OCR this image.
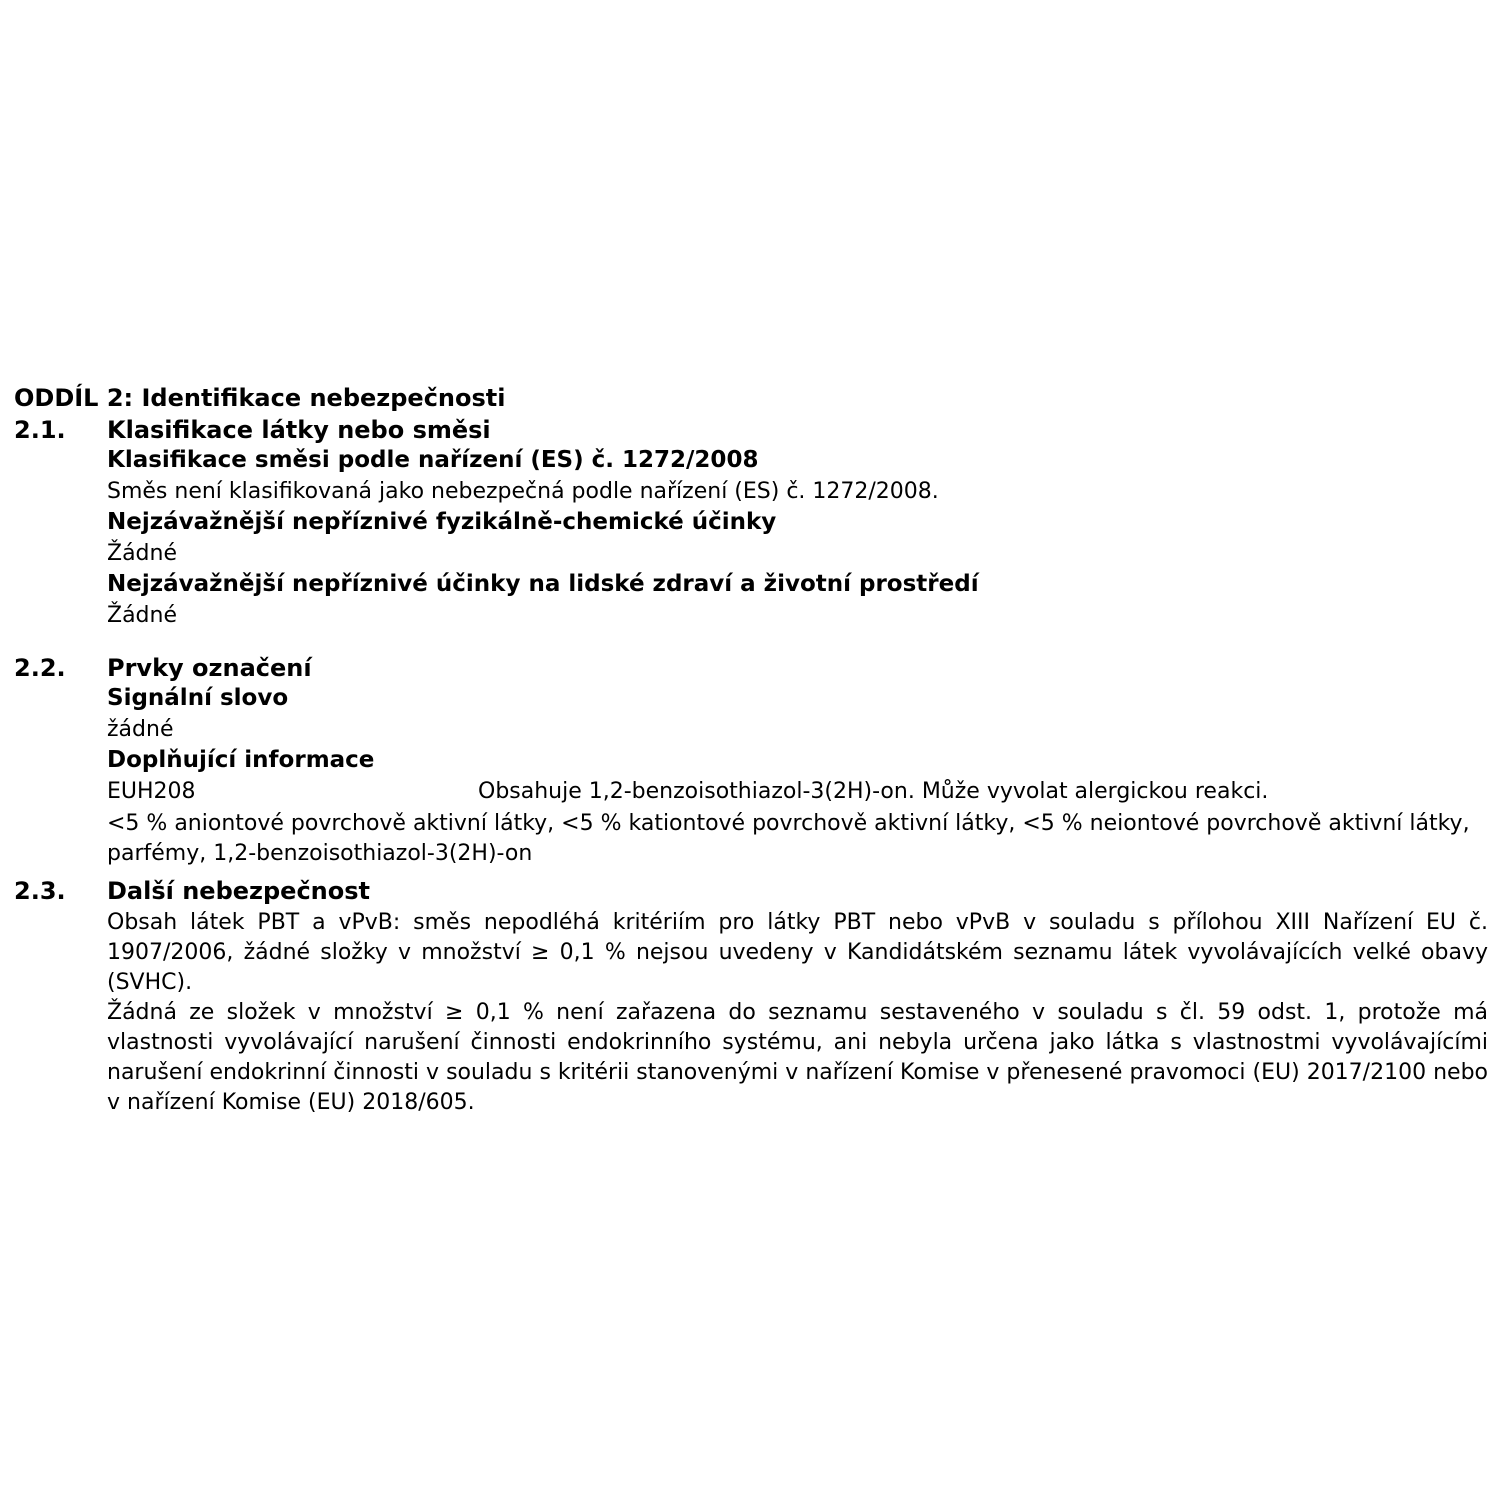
ODDÍL 2: Identifikace nebezpečnosti
2.1.	Klasifikace látky nebo směsi
Klasifikace směsi podle nařízení (ES) č. 1272/2008

Směs není klasifikovaná jako nebezpečná podle nařízení (ES) č. 1272/2008.

Nejzávažnější nepříznivé fyzikálně-chemické účinky

Žádné

Nejzávažnější nepříznivé účinky na lidské zdraví a životní prostředí

Žádné

2.2.	Prvky označení
Signální slovo

žádné

Doplňující informace
EUH208	Obsahuje 1,2-benzoisothiazol-3(2H)-on. Může vyvolat alergickou reakci.

<5 % aniontové povrchově aktivní látky, <5 % kationtové povrchově aktivní látky, <5 % neiontové povrchově aktivní látky, parfémy, 1,2-benzoisothiazol-3(2H)-on

2.3.	Další nebezpečnost

Obsah látek PBT a vPvB: směs nepodléhá kritériím pro látky PBT nebo vPvB v souladu s přílohou XIII Nařízení EU č. 1907/2006, žádné složky v množství ≥ 0,1 % nejsou uvedeny v Kandidátském seznamu látek vyvolávajících velké obavy (SVHC).

Žádná ze složek v množství ≥ 0,1 % není zařazena do seznamu sestaveného v souladu s čl. 59 odst. 1, protože má vlastnosti vyvolávající narušení činnosti endokrinního systému, ani nebyla určena jako látka s vlastnostmi vyvolávajícími narušení endokrinní činnosti v souladu s kritérii stanovenými v nařízení Komise v přenesené pravomoci (EU) 2017/2100 nebo v nařízení Komise (EU) 2018/605.
